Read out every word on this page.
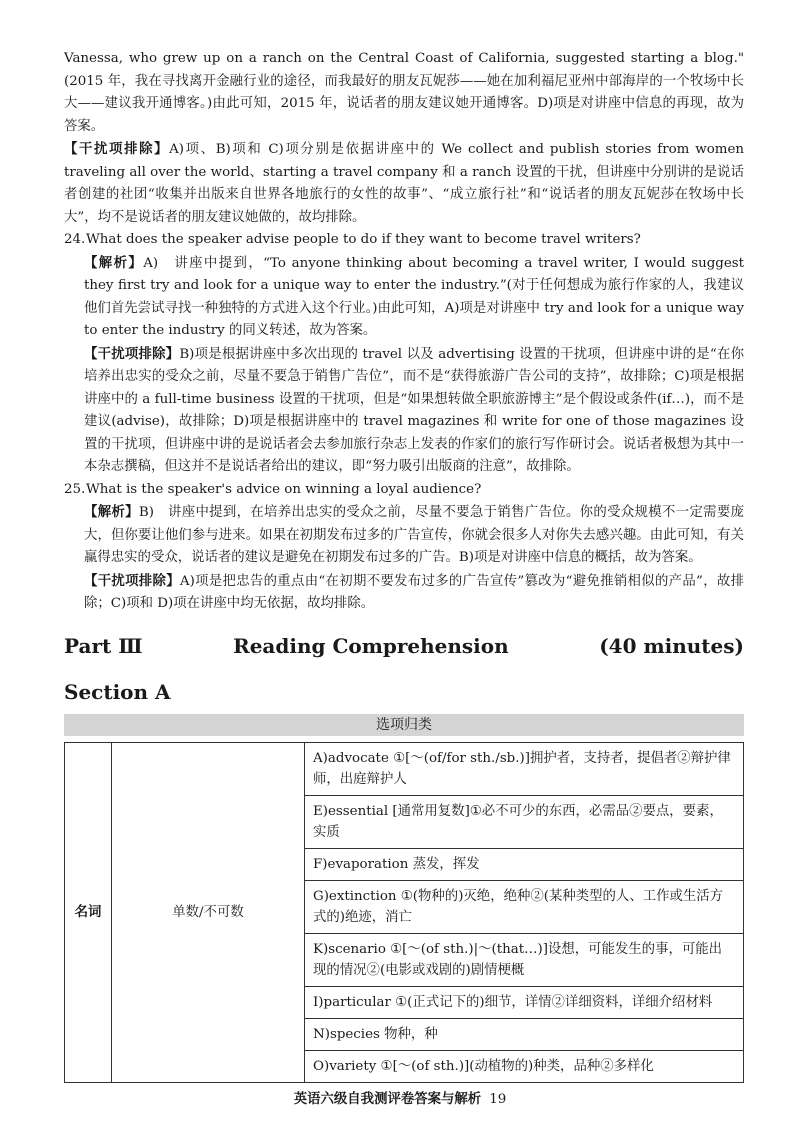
Vanessa, who grew up on a ranch on the Central Coast of California, suggested starting a blog."(2015 年，我在寻找离开金融行业的途径，而我最好的朋友瓦妮莎——她在加利福尼亚州中部海岸的一个牧场中长大——建议我开通博客。)由此可知，2015 年，说话者的朋友建议她开通博客。D)项是对讲座中信息的再现，故为答案。

【干扰项排除】A)项、B)项和 C)项分别是依据讲座中的 We collect and publish stories from women traveling all over the world、starting a travel company 和 a ranch 设置的干扰，但讲座中分别讲的是说话者创建的社团“收集并出版来自世界各地旅行的女性的故事”、“成立旅行社”和“说话者的朋友瓦妮莎在牧场中长大”，均不是说话者的朋友建议她做的，故均排除。

24. What does the speaker advise people to do if they want to become travel writers?

【解析】A)　讲座中提到，“To anyone thinking about becoming a travel writer, I would suggest they first try and look for a unique way to enter the industry.”(对于任何想成为旅行作家的人，我建议他们首先尝试寻找一种独特的方式进入这个行业。)由此可知，A)项是对讲座中 try and look for a unique way to enter the industry 的同义转述，故为答案。

【干扰项排除】B)项是根据讲座中多次出现的 travel 以及 advertising 设置的干扰项，但讲座中讲的是“在你培养出忠实的受众之前，尽量不要急于销售广告位”，而不是“获得旅游广告公司的支持”，故排除；C)项是根据讲座中的 a full-time business 设置的干扰项，但是“如果想转做全职旅游博主”是个假设或条件(if…)，而不是建议(advise)，故排除；D)项是根据讲座中的 travel magazines 和 write for one of those magazines 设置的干扰项，但讲座中讲的是说话者会去参加旅行杂志上发表的作家们的旅行写作研讨会。说话者极想为其中一本杂志撰稿，但这并不是说话者给出的建议，即“努力吸引出版商的注意”，故排除。

25. What is the speaker's advice on winning a loyal audience?

【解析】B)　讲座中提到，在培养出忠实的受众之前，尽量不要急于销售广告位。你的受众规模不一定需要庞大，但你要让他们参与进来。如果在初期发布过多的广告宣传，你就会很多人对你失去感兴趣。由此可知，有关赢得忠实的受众，说话者的建议是避免在初期发布过多的广告。B)项是对讲座中信息的概括，故为答案。

【干扰项排除】A)项是把忠告的重点由“在初期不要发布过多的广告宣传”篡改为“避免推销相似的产品”，故排除；C)项和 D)项在讲座中均无依据，故均排除。

Part Ⅲ	Reading Comprehension	(40 minutes)
Section A
选项归类
名词	单数/不可数	A)advocate ①[～(of/for sth./sb.)]拥护者，支持者，提倡者②辩护律师，出庭辩护人
E)essential [通常用复数]①必不可少的东西，必需品②要点，要素，实质
F)evaporation 蒸发，挥发
G)extinction ①(物种的)灭绝，绝种②(某种类型的人、工作或生活方式的)绝迹，消亡
K)scenario ①[～(of sth.)|～(that…)]设想，可能发生的事，可能出现的情况②(电影或戏剧的)剧情梗概
I)particular ①(正式记下的)细节，详情②详细资料，详细介绍材料
N)species 物种，种
O)variety ①[～(of sth.)](动植物的)种类，品种②多样化
英语六级自我测评卷答案与解析 19
